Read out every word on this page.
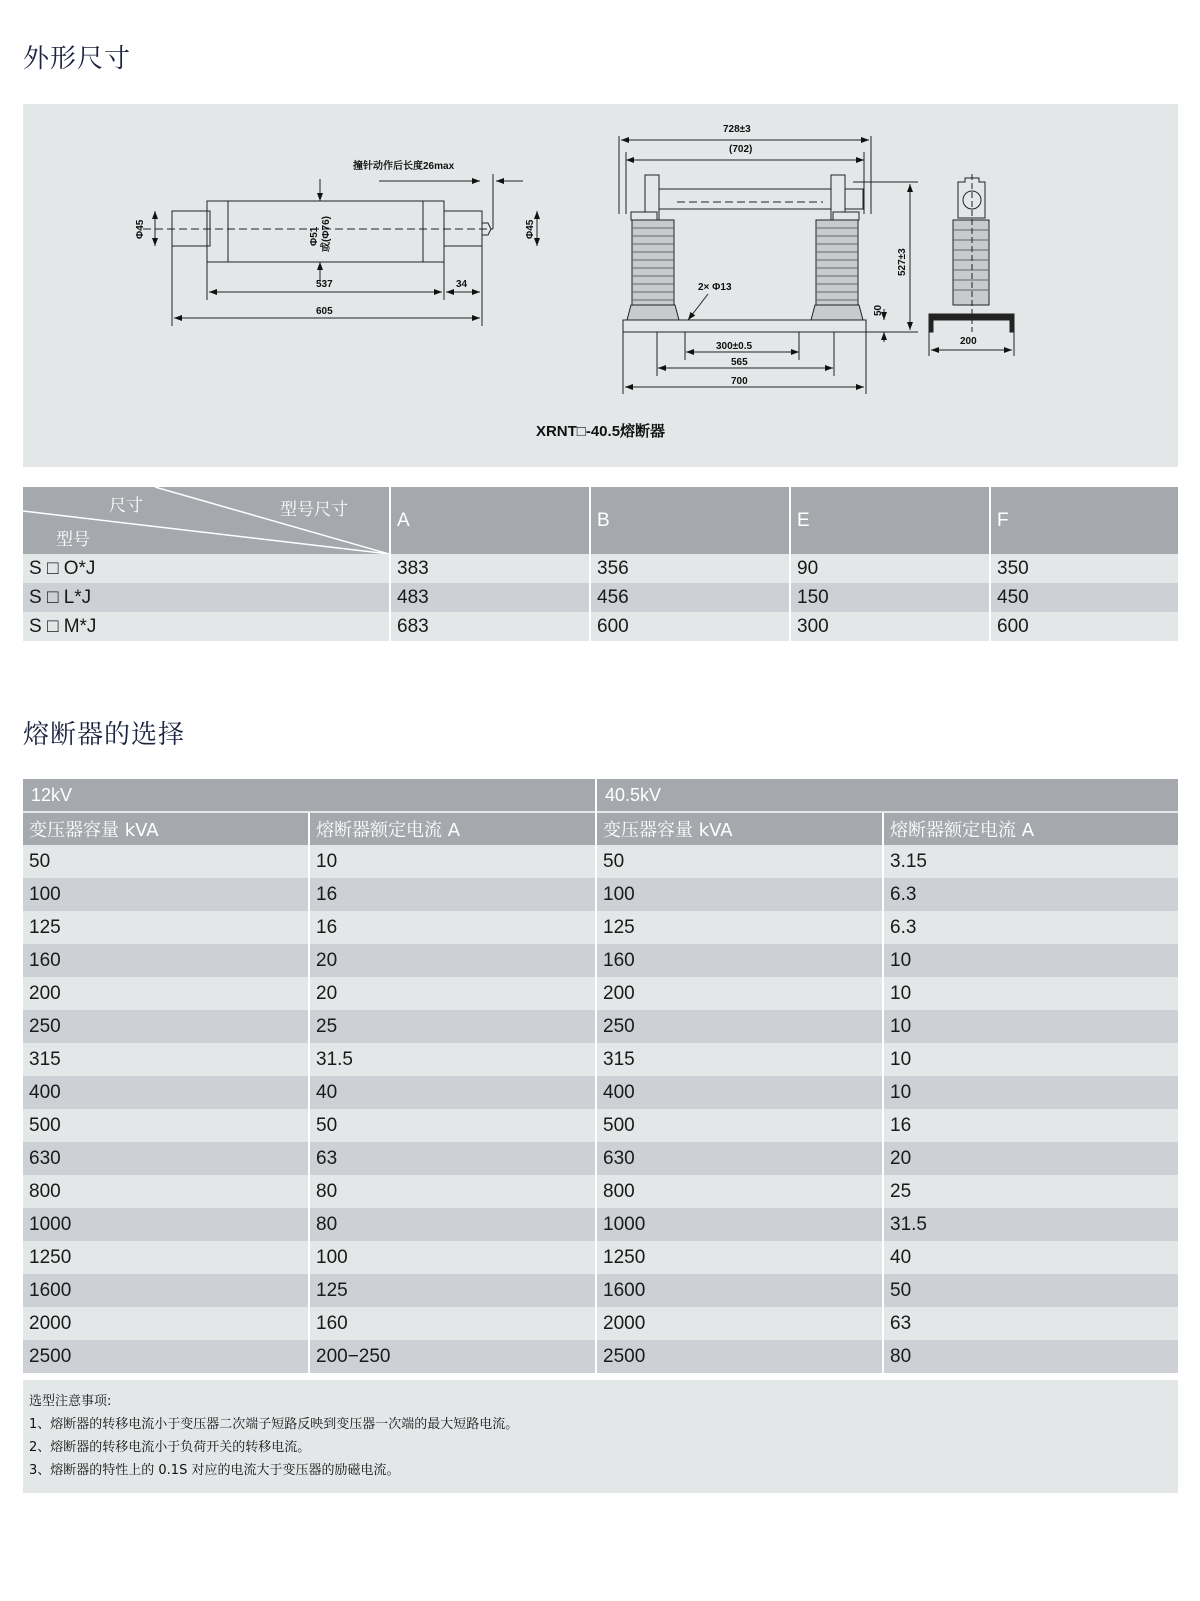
外形尺寸
撞针动作后长度26max
Φ45	Φ51 或(Φ76)	Φ45
537	34
605
728±3
(702)
527±3
2× Φ13
50
300±0.5
565
700
200
XRNT□-40.5熔断器
尺寸 型号尺寸
型号	A	B	E	F
S □ O*J	383	356	90	350
S □ L*J	483	456	150	450
S □ M*J	683	600	300	600
熔断器的选择
12kV		40.5kV	
变压器容量 kVA	熔断器额定电流 A	变压器容量 kVA	熔断器额定电流 A
50	10	50	3.15
100	16	100	6.3
125	16	125	6.3
160	20	160	10
200	20	200	10
250	25	250	10
315	31.5	315	10
400	40	400	10
500	50	500	16
630	63	630	20
800	80	800	25
1000	80	1000	31.5
1250	100	1250	40
1600	125	1600	50
2000	160	2000	63
2500	200−250	2500	80
选型注意事项:
1、熔断器的转移电流小于变压器二次端子短路反映到变压器一次端的最大短路电流。
2、熔断器的转移电流小于负荷开关的转移电流。
3、熔断器的特性上的 0.1S 对应的电流大于变压器的励磁电流。
